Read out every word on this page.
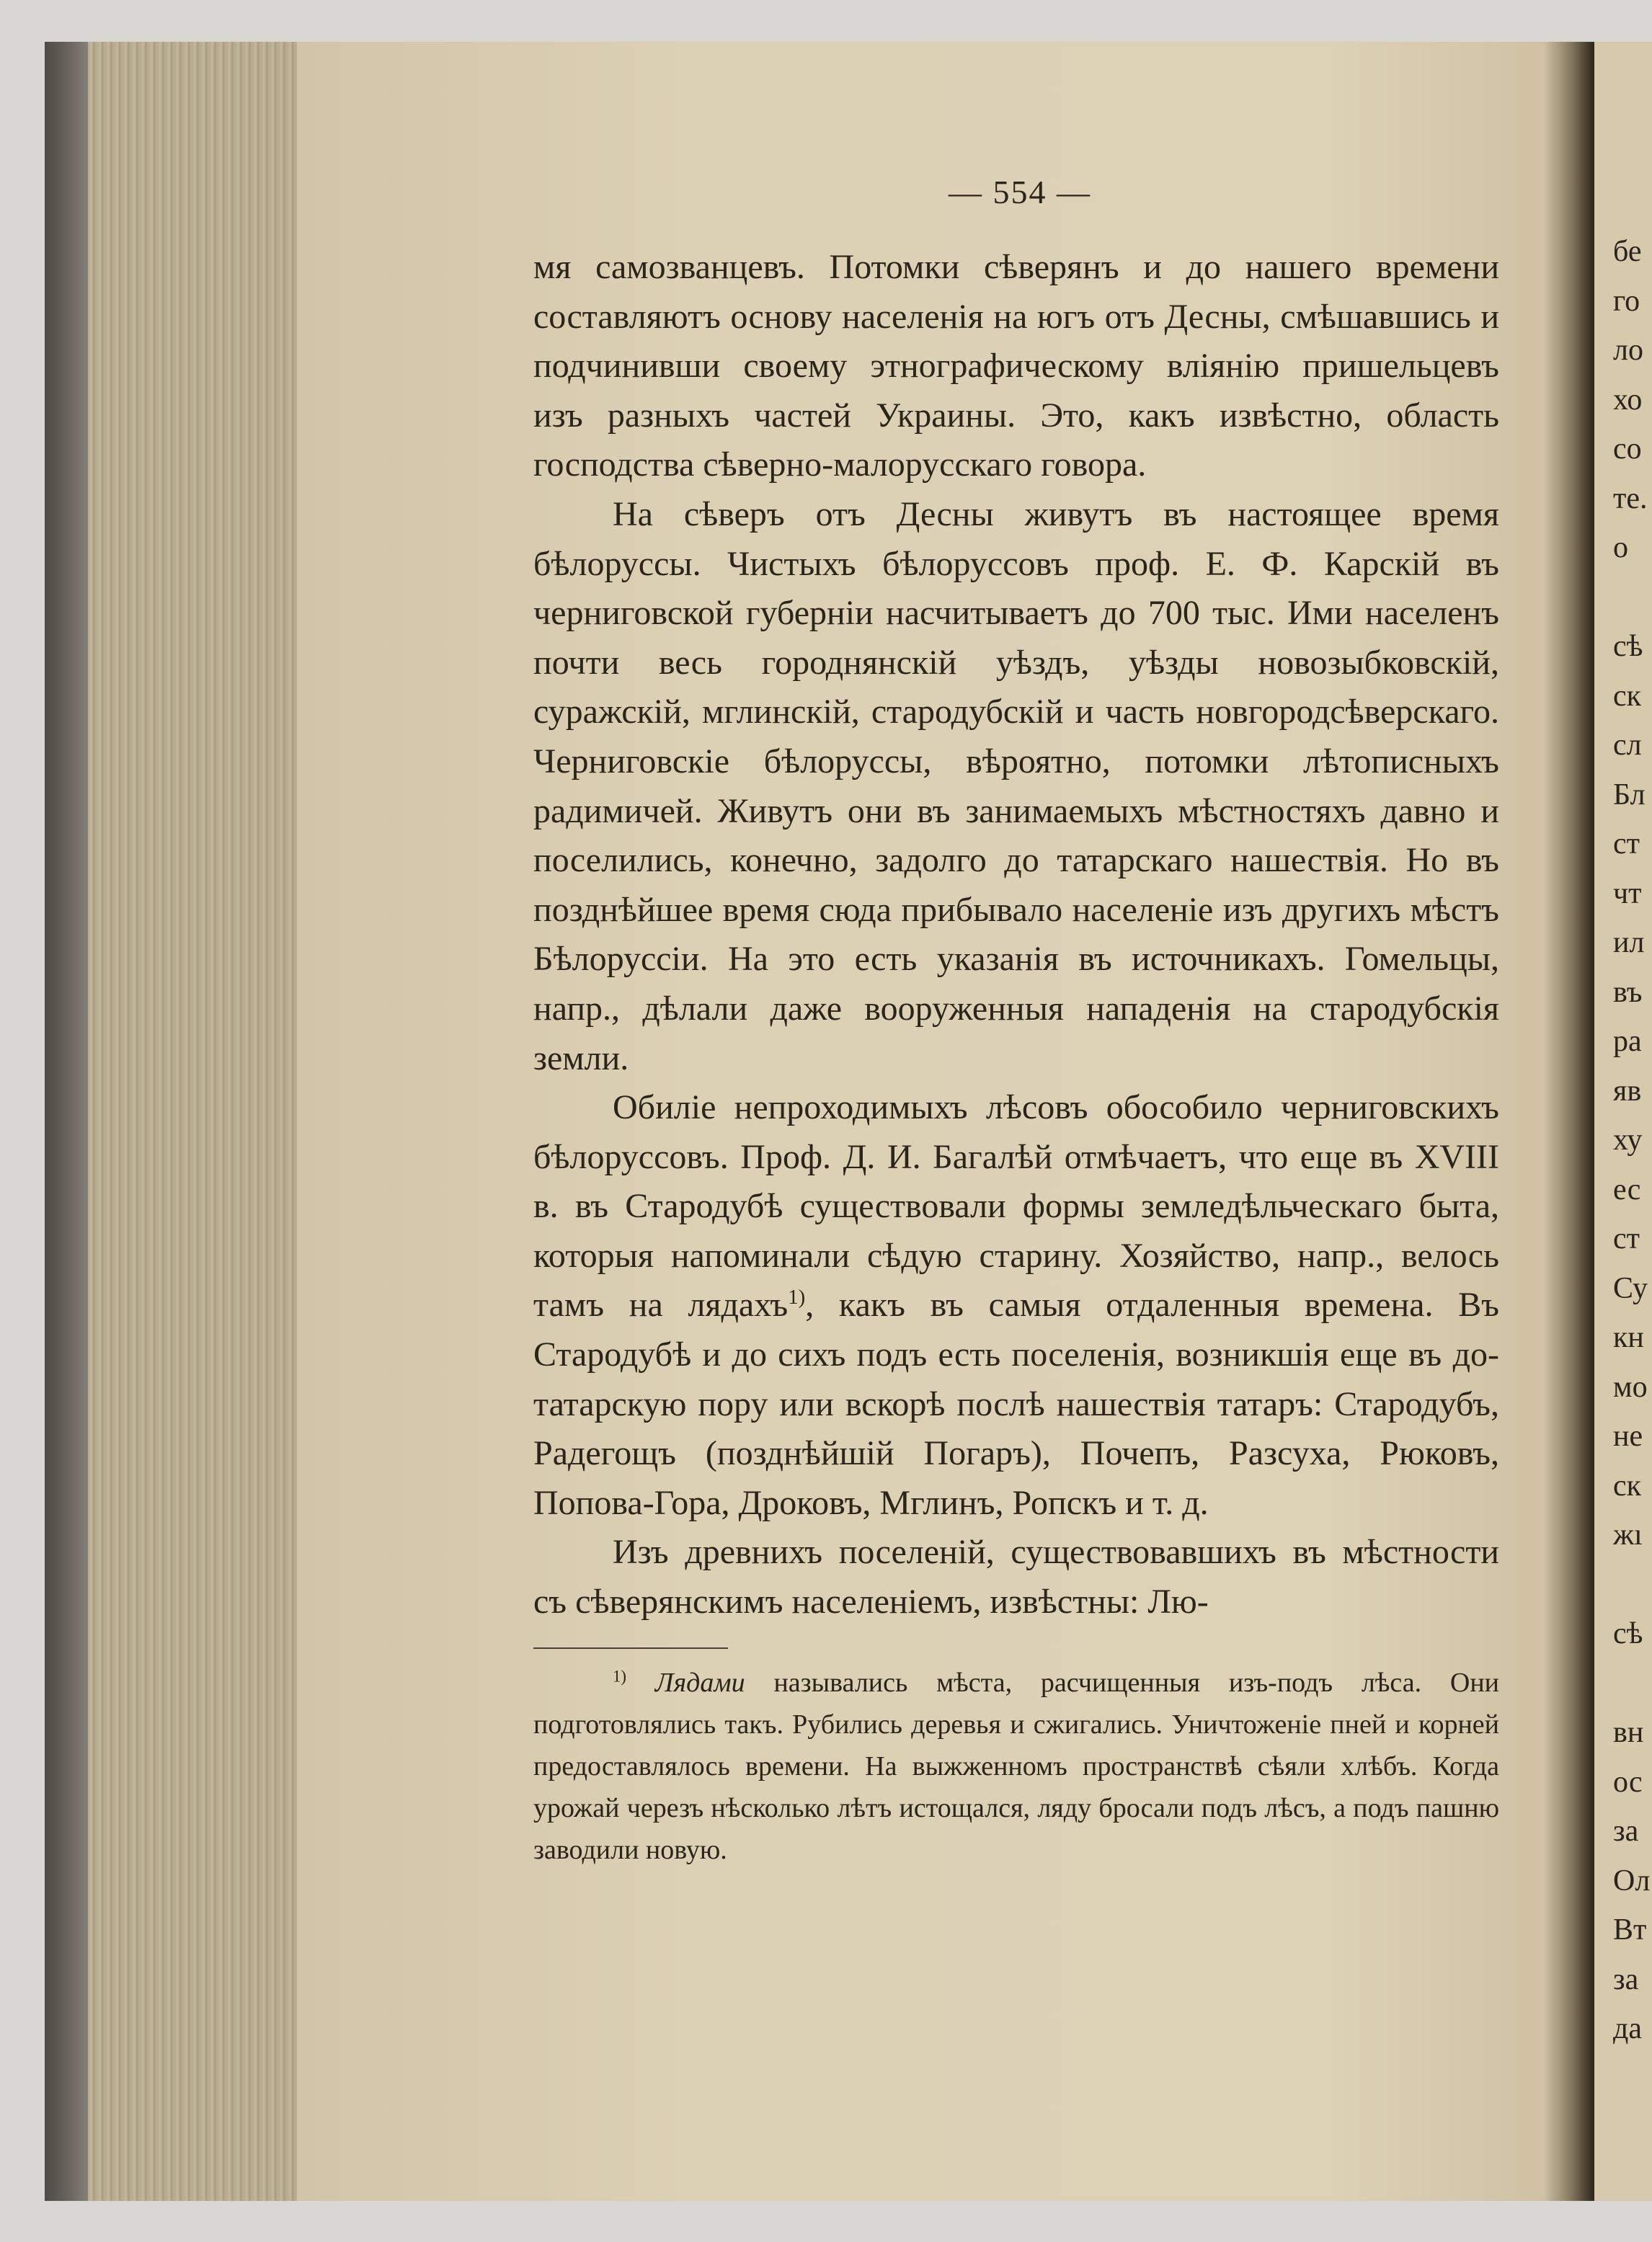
бе
го
ло
хо
со
те.
о
сѣ
ск
сл
Бл
ст
чт
ил
въ
ра
яв
ху
ес
ст
Су
кн
мо
не
ск
жı
сѣ
вн
ос
за
Ол
Вт
за
да
— 554 —

мя самозванцевъ. Потомки сѣверянъ и до нашего времени составляютъ основу населенія на югъ отъ Десны, смѣшавшись и подчинивши своему этнографическому вліянію пришельцевъ изъ разныхъ частей Украины. Это, какъ извѣстно, область господства сѣверно-малорусскаго говора.

На сѣверъ отъ Десны живутъ въ настоящее время бѣлоруссы. Чистыхъ бѣлоруссовъ проф. Е. Ф. Карскій въ черниговской губерніи насчитываетъ до 700 тыс. Ими населенъ почти весь городнянскій уѣздъ, уѣзды новозыбковскій, суражскій, мглинскій, стародубскій и часть новгородсѣверскаго. Черниговскіе бѣлоруссы, вѣроятно, потомки лѣтописныхъ радимичей. Живутъ они въ занимаемыхъ мѣстностяхъ давно и поселились, конечно, задолго до татарскаго нашествія. Но въ позднѣйшее время сюда прибывало населеніе изъ другихъ мѣстъ Бѣлоруссіи. На это есть указанія въ источникахъ. Гомельцы, напр., дѣлали даже вооруженныя нападенія на стародубскія земли.

Обиліе непроходимыхъ лѣсовъ обособило черниговскихъ бѣлоруссовъ. Проф. Д. И. Багалѣй отмѣчаетъ, что еще въ XVIII в. въ Стародубѣ существовали формы земледѣльческаго быта, которыя напоминали сѣдую старину. Хозяйство, напр., велось тамъ на лядахъ$^{1)}$, какъ въ самыя отдаленныя времена. Въ Стародубѣ и до сихъ подъ есть поселенія, возникшія еще въ до-татарскую пору или вскорѣ послѣ нашествія татаръ: Стародубъ, Радегощъ (позднѣйшій Погаръ), Почепъ, Разсуха, Рюковъ, Попова-Гора, Дроковъ, Мглинъ, Ропскъ и т. д.

Изъ древнихъ поселеній, существовавшихъ въ мѣстности съ сѣверянскимъ населеніемъ, извѣстны: Лю-

$^{1)}$ Лядами назывались мѣста, расчищенныя изъ-подъ лѣса. Они подготовлялись такъ. Рубились деревья и сжигались. Уничтоженіе пней и корней предоставлялось времени. На выжженномъ пространствѣ сѣяли хлѣбъ. Когда урожай черезъ нѣсколько лѣтъ истощался, ляду бросали подъ лѣсъ, а подъ пашню заводили новую.
